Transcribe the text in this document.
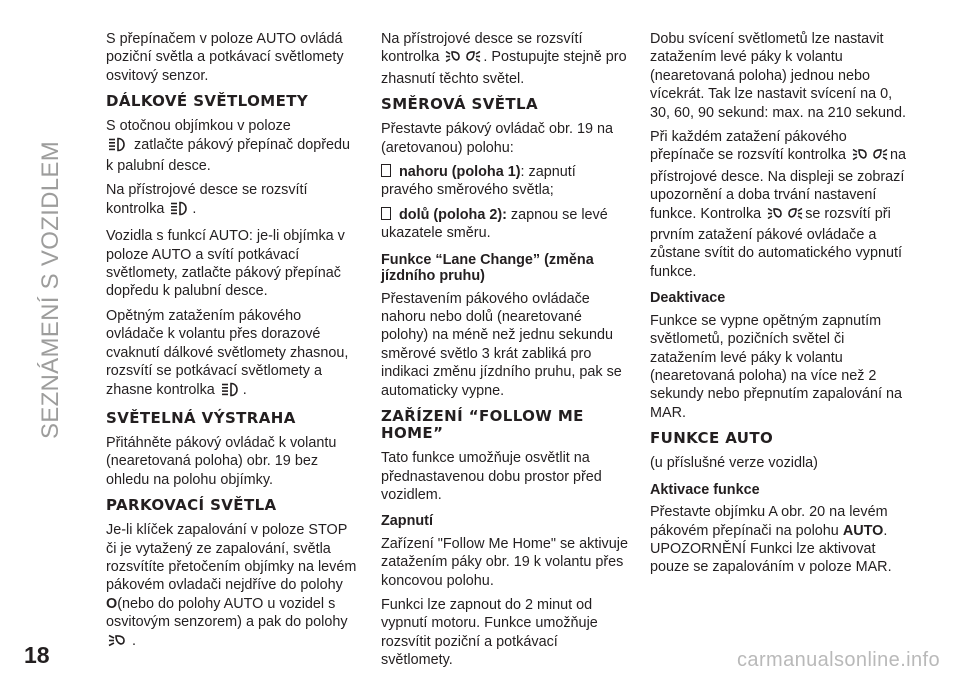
SEZNÁMENÍ S VOZIDLEM
18	carmanualsonline.info

S přepínačem v poloze AUTO ovládá poziční světla a potkávací světlomety osvitový senzor.

DÁLKOVÉ SVĚTLOMETY

S otočnou objímkou v poloze
zatlačte pákový přepínač dopředu k palubní desce.

Na přístrojové desce se rozsvítí kontrolka .

Vozidla s funkcí AUTO: je-li objímka v poloze AUTO a svítí potkávací světlomety, zatlačte pákový přepínač dopředu k palubní desce.

Opětným zatažením pákového ovládače k volantu přes dorazové cvaknutí dálkové světlomety zhasnou, rozsvítí se potkávací světlomety a zhasne kontrolka .

SVĚTELNÁ VÝSTRAHA

Přitáhněte pákový ovládač k volantu (nearetovaná poloha) obr. 19 bez ohledu na polohu objímky.

PARKOVACÍ SVĚTLA

Je-li klíček zapalování v poloze STOP či je vytažený ze zapalování, světla rozsvítíte přetočením objímky na levém pákovém ovladači nejdříve do polohy O(nebo do polohy AUTO u vozidel s osvitovým senzorem) a pak do polohy
.

Na přístrojové desce se rozsvítí kontrolka	. Postupujte stejně pro zhasnutí těchto světel.

SMĚROVÁ SVĚTLA

Přestavte pákový ovládač obr. 19 na (aretovanou) polohu:

nahoru (poloha 1): zapnutí pravého směrového světla;

dolů (poloha 2): zapnou se levé ukazatele směru.

Funkce “Lane Change” (změna jízdního pruhu)

Přestavením pákového ovládače nahoru nebo dolů (nearetované polohy) na méně než jednu sekundu směrové světlo 3 krát zabliká pro indikaci změnu jízdního pruhu, pak se automaticky vypne.

ZAŘÍZENÍ “FOLLOW ME HOME”

Tato funkce umožňuje osvětlit na přednastavenou dobu prostor před vozidlem.

Zapnutí

Zařízení "Follow Me Home" se aktivuje zatažením páky obr. 19 k volantu přes koncovou polohu.

Funkci lze zapnout do 2 minut od vypnutí motoru. Funkce umožňuje rozsvítit poziční a potkávací světlomety.

Dobu svícení světlometů lze nastavit zatažením levé páky k volantu (nearetovaná poloha) jednou nebo vícekrát. Tak lze nastavit svícení na 0, 30, 60, 90 sekund: max. na 210 sekund.

Při každém zatažení pákového přepínače se rozsvítí kontrolka	na přístrojové desce. Na displeji se zobrazí upozornění a doba trvání nastavení funkce. Kontrolka	se rozsvítí při prvním zatažení pákové ovládače a zůstane svítit do automatického vypnutí funkce.

Deaktivace

Funkce se vypne opětným zapnutím světlometů, pozičních světel či zatažením levé páky k volantu (nearetovaná poloha) na více než 2 sekundy nebo přepnutím zapalování na MAR.

FUNKCE AUTO

(u příslušné verze vozidla)

Aktivace funkce

Přestavte objímku A obr. 20 na levém pákovém přepínači na polohu AUTO.
UPOZORNĚNÍ Funkci lze aktivovat pouze se zapalováním v poloze MAR.
